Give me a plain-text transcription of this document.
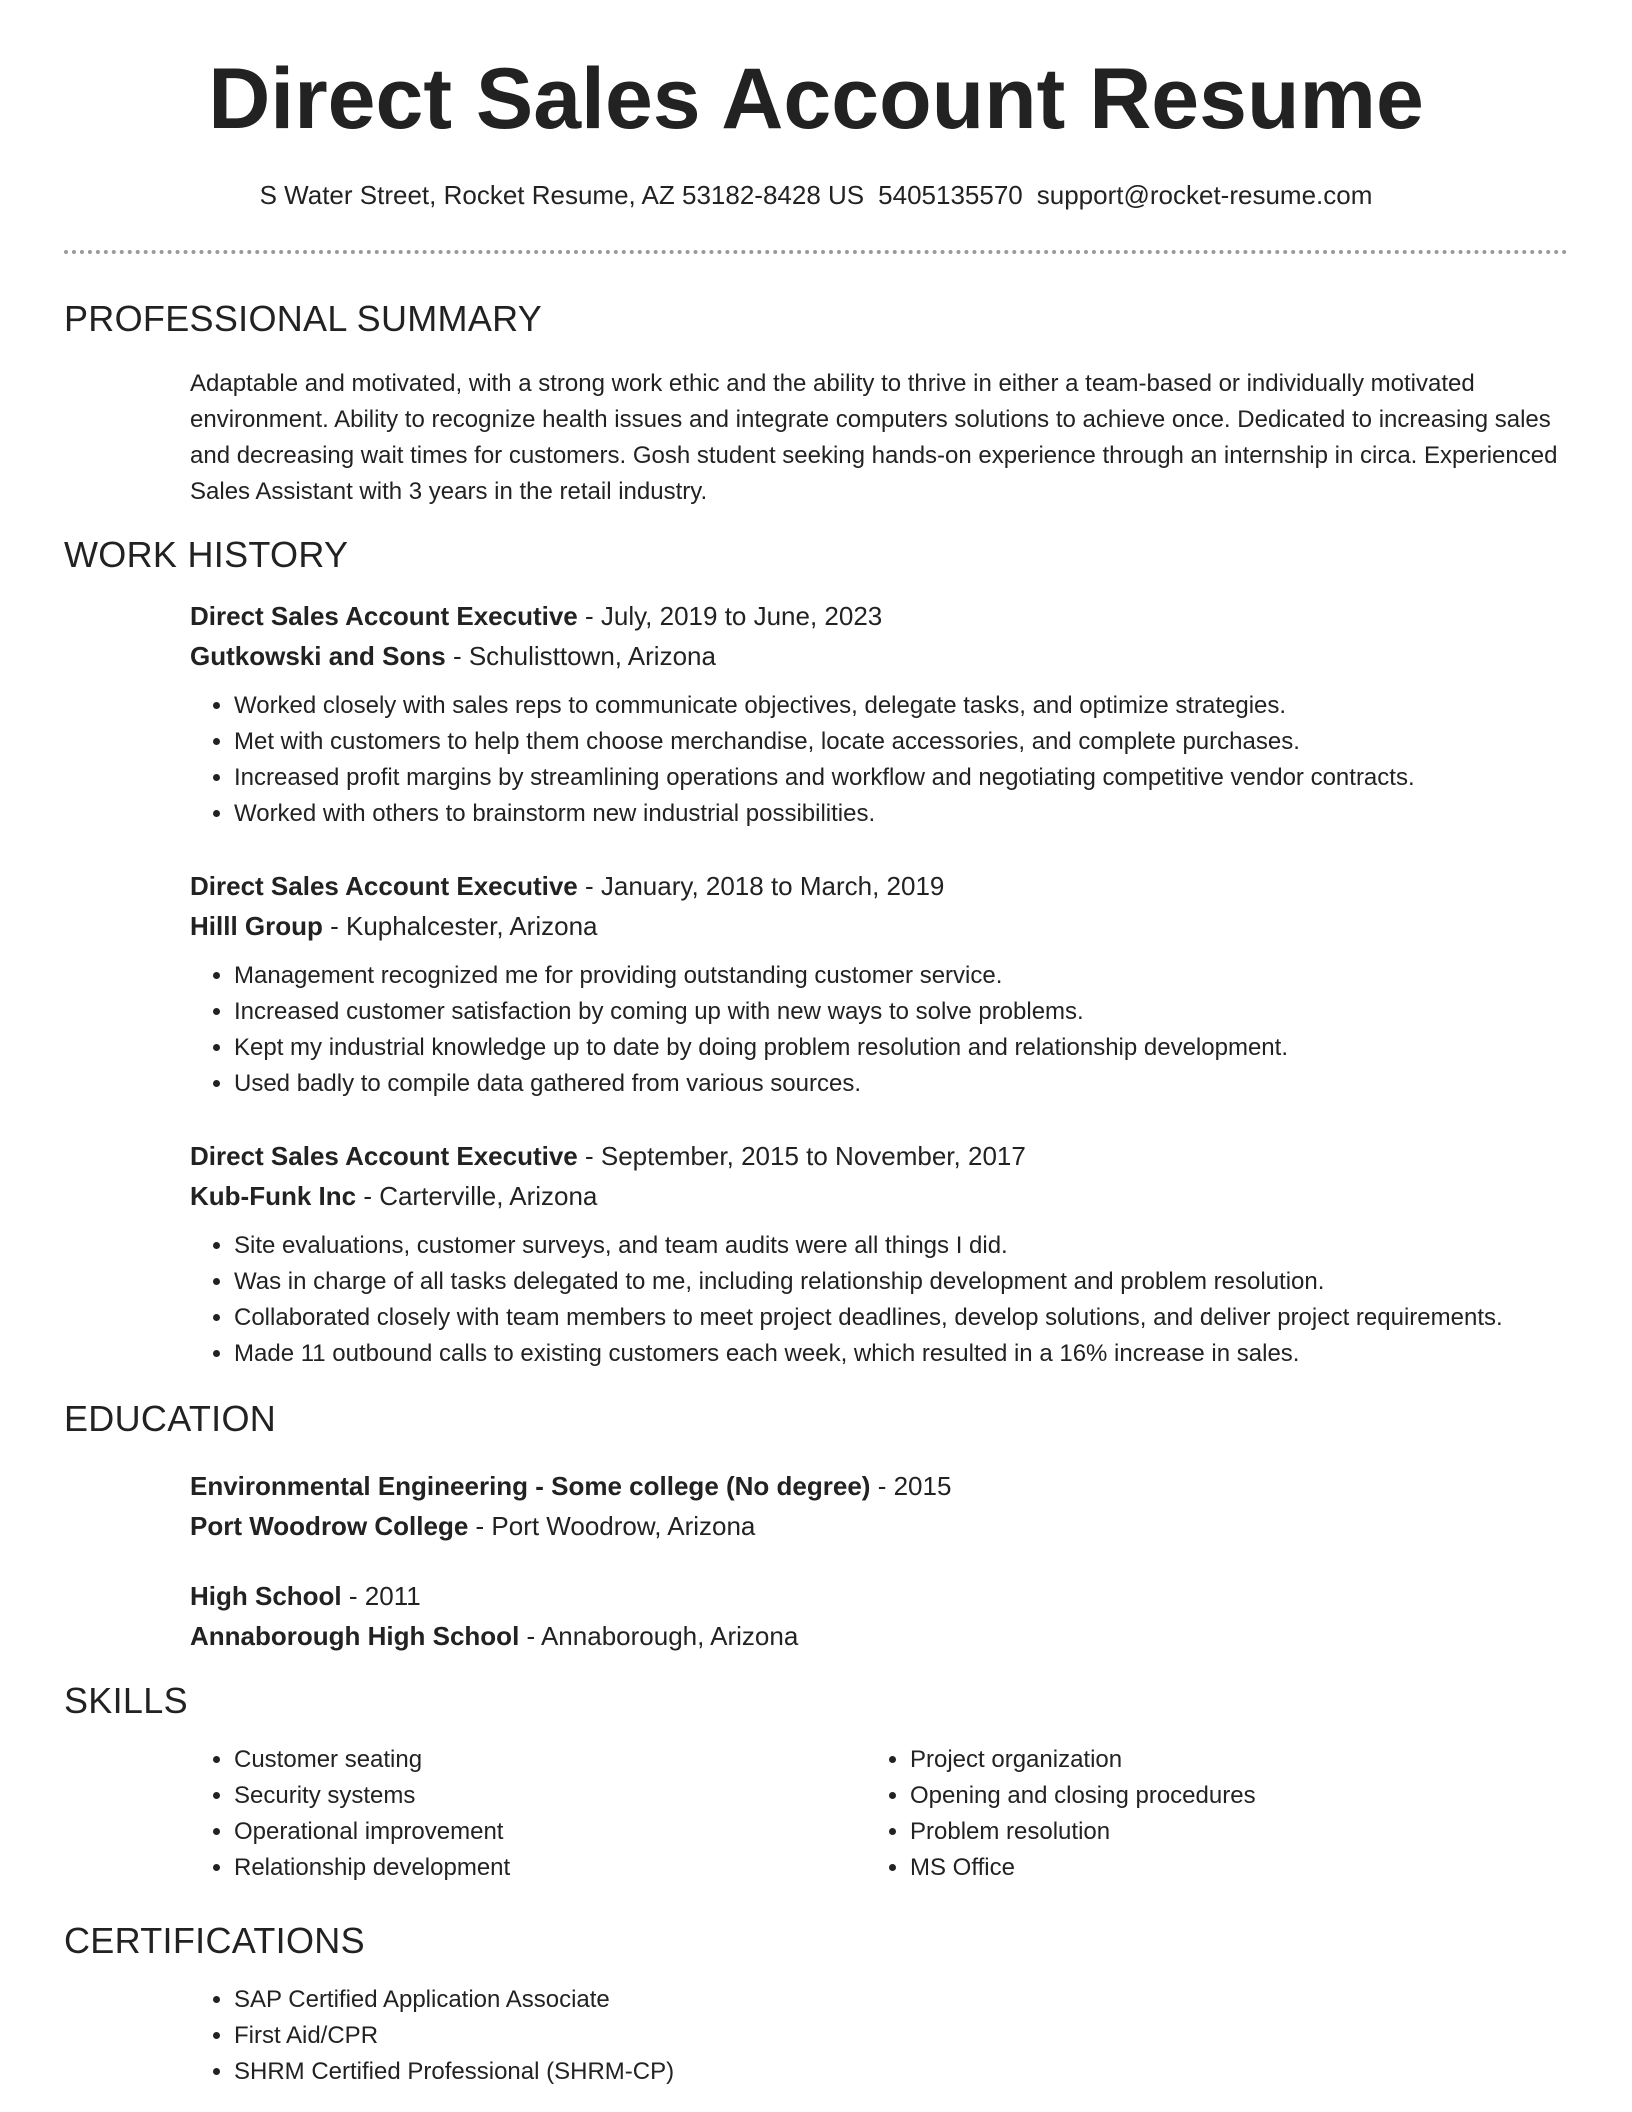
Direct Sales Account Resume
S Water Street, Rocket Resume, AZ 53182-8428 US 5405135570 support@rocket-resume.com
PROFESSIONAL SUMMARY

Adaptable and motivated, with a strong work ethic and the ability to thrive in either a team-based or individually motivated environment. Ability to recognize health issues and integrate computers solutions to achieve once. Dedicated to increasing sales and decreasing wait times for customers. Gosh student seeking hands-on experience through an internship in circa. Experienced Sales Assistant with 3 years in the retail industry.

WORK HISTORY
Direct Sales Account Executive - July, 2019 to June, 2023
Gutkowski and Sons - Schulisttown, Arizona
• Worked closely with sales reps to communicate objectives, delegate tasks, and optimize strategies.
• Met with customers to help them choose merchandise, locate accessories, and complete purchases.
• Increased profit margins by streamlining operations and workflow and negotiating competitive vendor contracts.
• Worked with others to brainstorm new industrial possibilities.
Direct Sales Account Executive - January, 2018 to March, 2019
Hilll Group - Kuphalcester, Arizona
• Management recognized me for providing outstanding customer service.
• Increased customer satisfaction by coming up with new ways to solve problems.
• Kept my industrial knowledge up to date by doing problem resolution and relationship development.
• Used badly to compile data gathered from various sources.
Direct Sales Account Executive - September, 2015 to November, 2017
Kub-Funk Inc - Carterville, Arizona
• Site evaluations, customer surveys, and team audits were all things I did.
• Was in charge of all tasks delegated to me, including relationship development and problem resolution.
• Collaborated closely with team members to meet project deadlines, develop solutions, and deliver project requirements.
• Made 11 outbound calls to existing customers each week, which resulted in a 16% increase in sales.
EDUCATION
Environmental Engineering - Some college (No degree) - 2015
Port Woodrow College - Port Woodrow, Arizona
High School - 2011
Annaborough High School - Annaborough, Arizona
SKILLS
• Customer seating
• Security systems
• Operational improvement
• Relationship development
• Project organization
• Opening and closing procedures
• Problem resolution
• MS Office
CERTIFICATIONS
• SAP Certified Application Associate
• First Aid/CPR
• SHRM Certified Professional (SHRM-CP)
